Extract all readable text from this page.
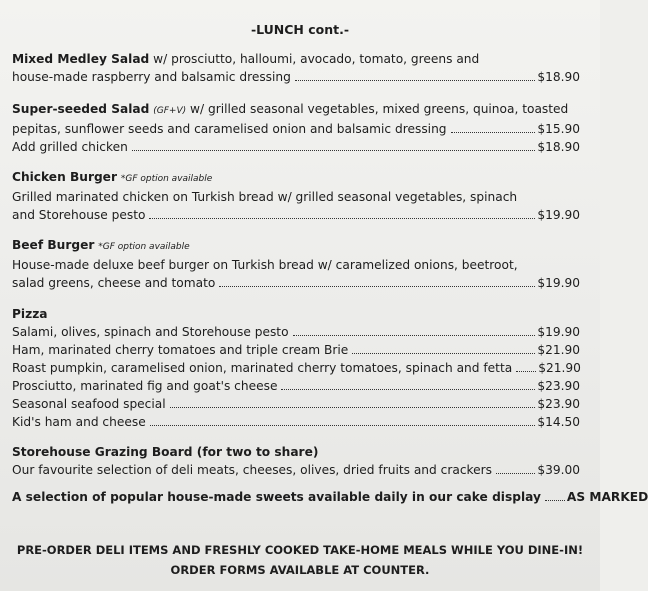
-LUNCH cont.-
Mixed Medley Salad w/ prosciutto, halloumi, avocado, tomato, greens and
house-made raspberry and balsamic dressing	$18.90
Super-seeded Salad (GF+V) w/ grilled seasonal vegetables, mixed greens, quinoa, toasted
pepitas, sunflower seeds and caramelised onion and balsamic dressing	$15.90
Add grilled chicken	$18.90
Chicken Burger *GF option available
Grilled marinated chicken on Turkish bread w/ grilled seasonal vegetables, spinach
and Storehouse pesto	$19.90
Beef Burger *GF option available
House-made deluxe beef burger on Turkish bread w/ caramelized onions, beetroot,
salad greens, cheese and tomato	$19.90
Pizza
Salami, olives, spinach and Storehouse pesto	$19.90
Ham, marinated cherry tomatoes and triple cream Brie	$21.90
Roast pumpkin, caramelised onion, marinated cherry tomatoes, spinach and fetta $21.90
Prosciutto, marinated fig and goat's cheese	$23.90
Seasonal seafood special	$23.90
Kid's ham and cheese	$14.50
Storehouse Grazing Board (for two to share)
Our favourite selection of deli meats, cheeses, olives, dried fruits and crackers	$39.00
A selection of popular house-made sweets available daily in our cake display AS MARKED
PRE-ORDER DELI ITEMS AND FRESHLY COOKED TAKE-HOME MEALS WHILE YOU DINE-IN!
ORDER FORMS AVAILABLE AT COUNTER.
